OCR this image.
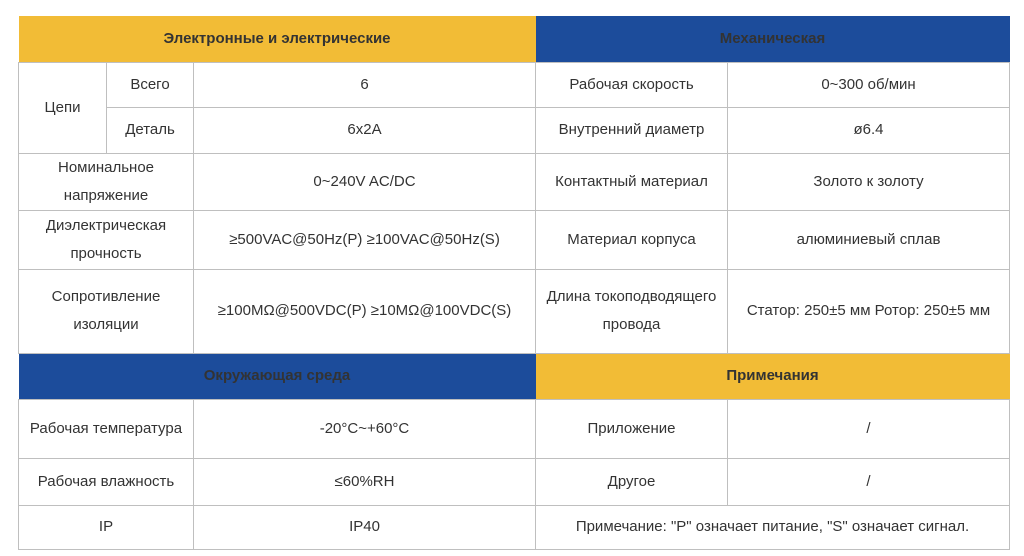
Электронные и электрические			Механическая	
Цепи	Всего	6	Рабочая скорость	0~300 об/мин
	Деталь	6x2A	Внутренний диаметр	ø6.4
Номинальное напряжение		0~240V AC/DC	Контактный материал	Золото к золоту
Диэлектрическая прочность		≥500VAC@50Hz(P) ≥100VAC@50Hz(S)	Материал корпуса	алюминиевый сплав
Сопротивление изоляции		≥100MΩ@500VDC(P) ≥10MΩ@100VDC(S)	Длина токоподводящего провода	Статор: 250±5 мм Ротор: 250±5 мм
Окружающая среда			Примечания	
Рабочая температура		-20°C~+60°C	Приложение	/
Рабочая влажность		≤60%RH	Другое	/
IP		IP40	Примечание: "P" означает питание, "S" означает сигнал.	
